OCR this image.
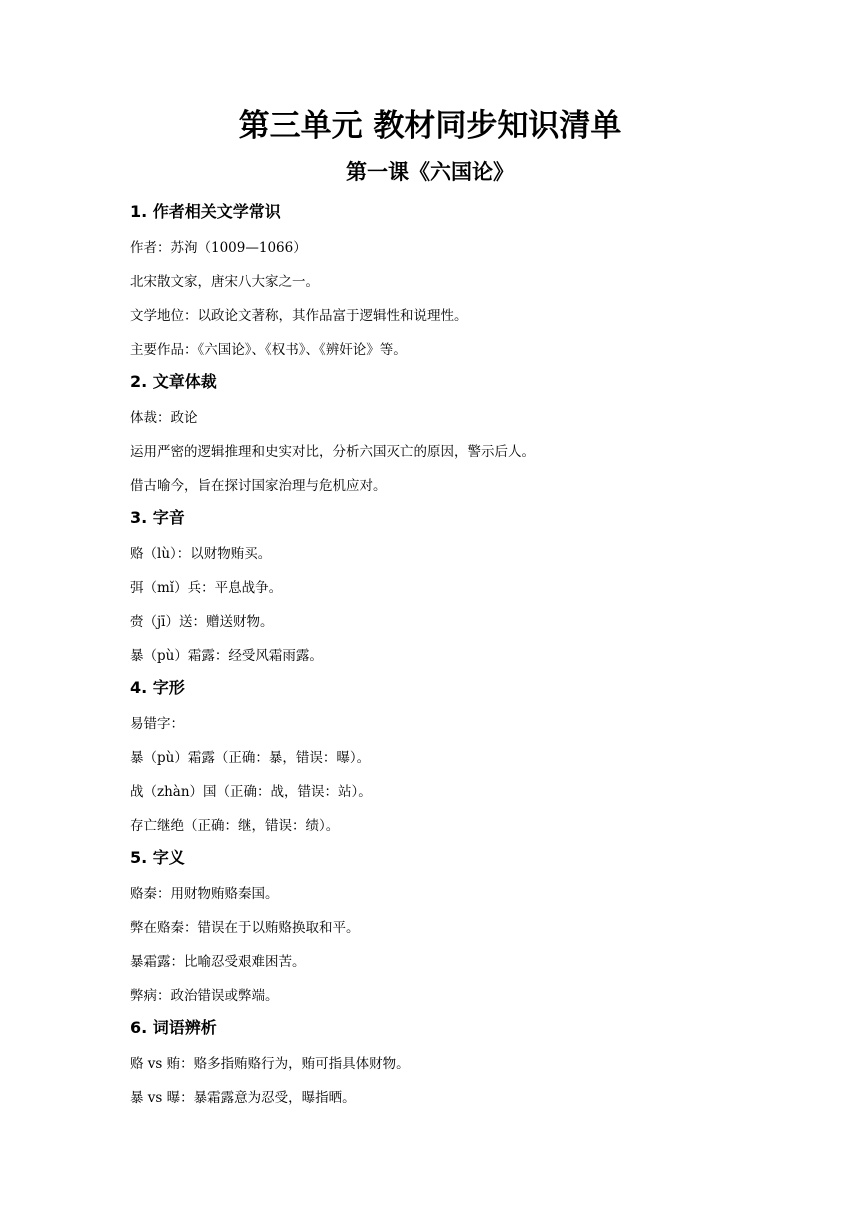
第三单元 教材同步知识清单
第一课《六国论》
1. 作者相关文学常识
作者：苏洵（1009—1066）
北宋散文家，唐宋八大家之一。
文学地位：以政论文著称，其作品富于逻辑性和说理性。
主要作品：《六国论》、《权书》、《辨奸论》等。
2. 文章体裁
体裁：政论
运用严密的逻辑推理和史实对比，分析六国灭亡的原因，警示后人。
借古喻今，旨在探讨国家治理与危机应对。
3. 字音
赂（lù）：以财物贿买。
弭（mǐ）兵：平息战争。
赍（jī）送：赠送财物。
暴（pù）霜露：经受风霜雨露。
4. 字形
易错字：
暴（pù）霜露（正确：暴，错误：曝）。
战（zhàn）国（正确：战，错误：站）。
存亡继绝（正确：继，错误：绩）。
5. 字义
赂秦：用财物贿赂秦国。
弊在赂秦：错误在于以贿赂换取和平。
暴霜露：比喻忍受艰难困苦。
弊病：政治错误或弊端。
6. 词语辨析
赂 vs 贿：赂多指贿赂行为，贿可指具体财物。
暴 vs 曝：暴霜露意为忍受，曝指晒。
